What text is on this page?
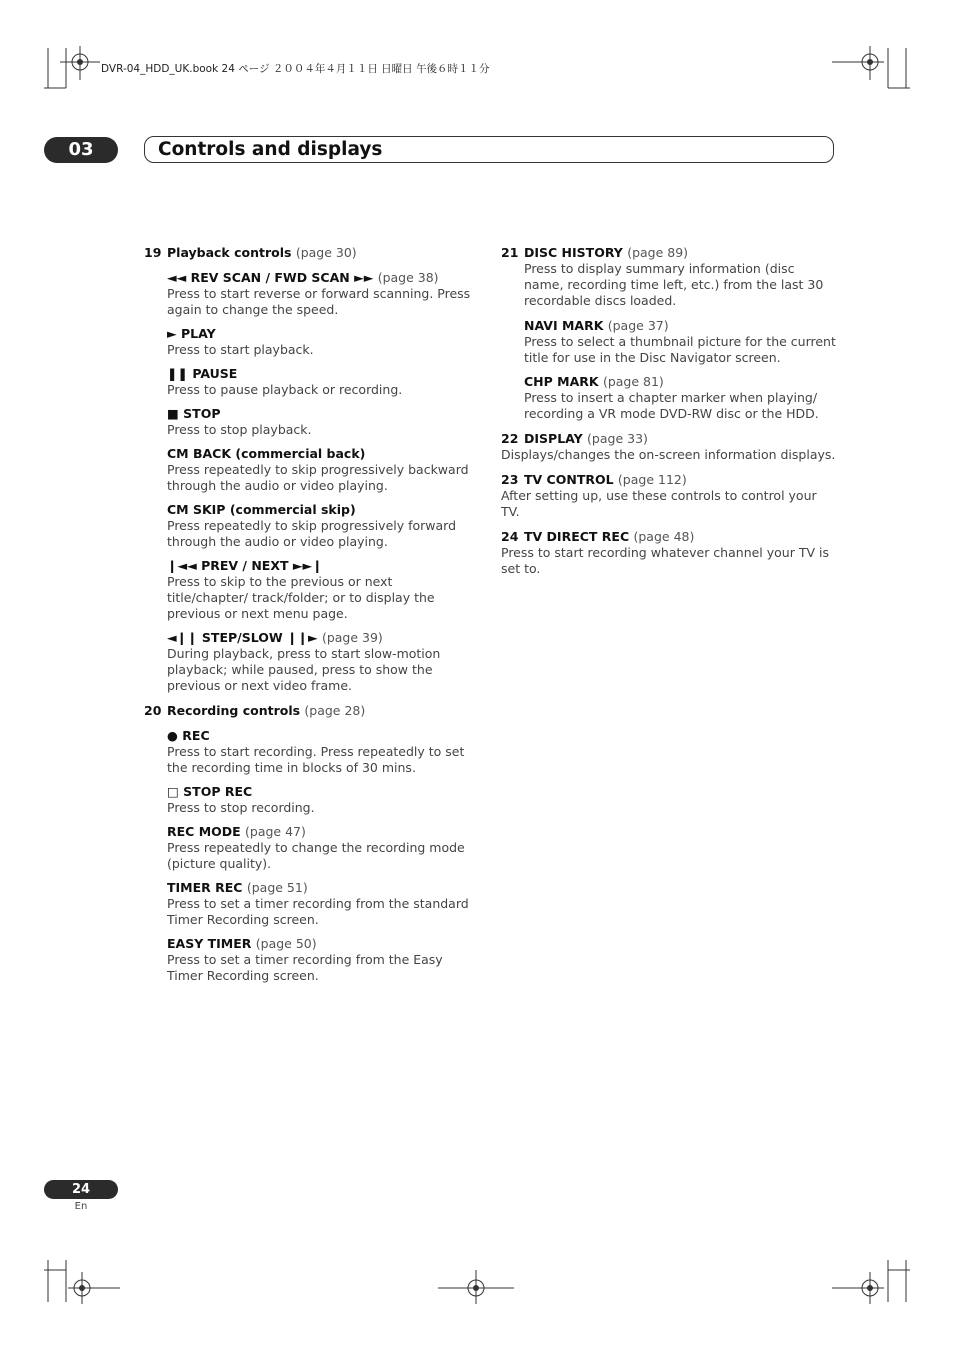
DVR-04_HDD_UK.book 24 ページ ２００４年４月１１日 日曜日 午後６時１１分
03	Controls and displays
19 Playback controls (page 30)
◄◄ REV SCAN / FWD SCAN ►► (page 38)
Press to start reverse or forward scanning. Press again to change the speed.
► PLAY
Press to start playback.
❚❚ PAUSE
Press to pause playback or recording.
■ STOP
Press to stop playback.
CM BACK (commercial back)
Press repeatedly to skip progressively backward through the audio or video playing.
CM SKIP (commercial skip)
Press repeatedly to skip progressively forward through the audio or video playing.
❙◄◄ PREV / NEXT ►►❙
Press to skip to the previous or next title/chapter/ track/folder; or to display the previous or next menu page.
◄❙❙ STEP/SLOW ❙❙► (page 39)
During playback, press to start slow-motion playback; while paused, press to show the previous or next video frame.
20 Recording controls (page 28)
● REC
Press to start recording. Press repeatedly to set the recording time in blocks of 30 mins.
□ STOP REC
Press to stop recording.
REC MODE (page 47)
Press repeatedly to change the recording mode (picture quality).
TIMER REC (page 51)
Press to set a timer recording from the standard Timer Recording screen.
EASY TIMER (page 50)
Press to set a timer recording from the Easy Timer Recording screen.
21 DISC HISTORY (page 89)
Press to display summary information (disc name, recording time left, etc.) from the last 30 recordable discs loaded.
NAVI MARK (page 37)
Press to select a thumbnail picture for the current title for use in the Disc Navigator screen.
CHP MARK (page 81)
Press to insert a chapter marker when playing/ recording a VR mode DVD-RW disc or the HDD.
22 DISPLAY (page 33)
Displays/changes the on-screen information displays.
23 TV CONTROL (page 112)
After setting up, use these controls to control your TV.
24 TV DIRECT REC (page 48)
Press to start recording whatever channel your TV is set to.
24
En
